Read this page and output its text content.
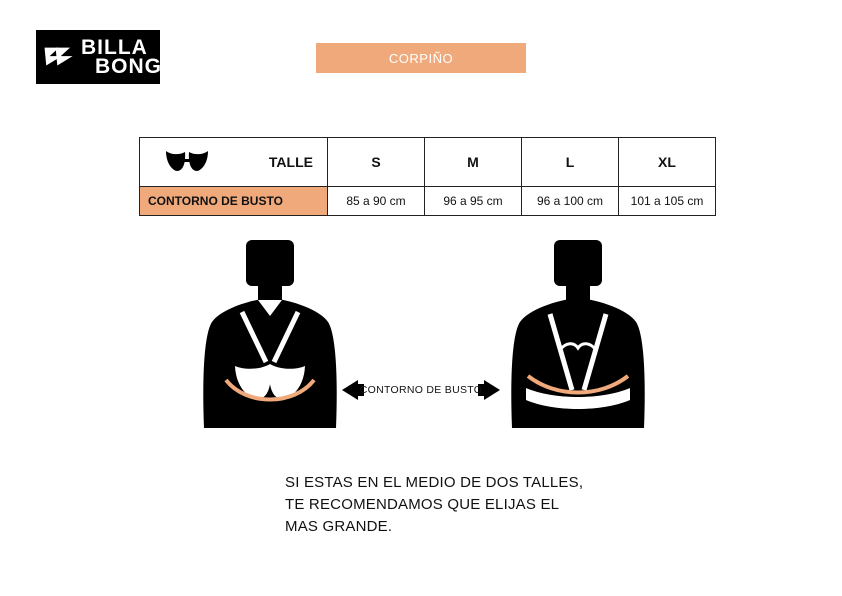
BILLA
BONG	CORPIÑO
TALLE	S	M	L	XL
CONTORNO DE BUSTO	85 a 90 cm	96 a 95 cm	96 a 100 cm	101 a 105 cm
CONTORNO DE BUSTO
SI ESTAS EN EL MEDIO DE DOS TALLES,
TE RECOMENDAMOS QUE ELIJAS EL
MAS GRANDE.
